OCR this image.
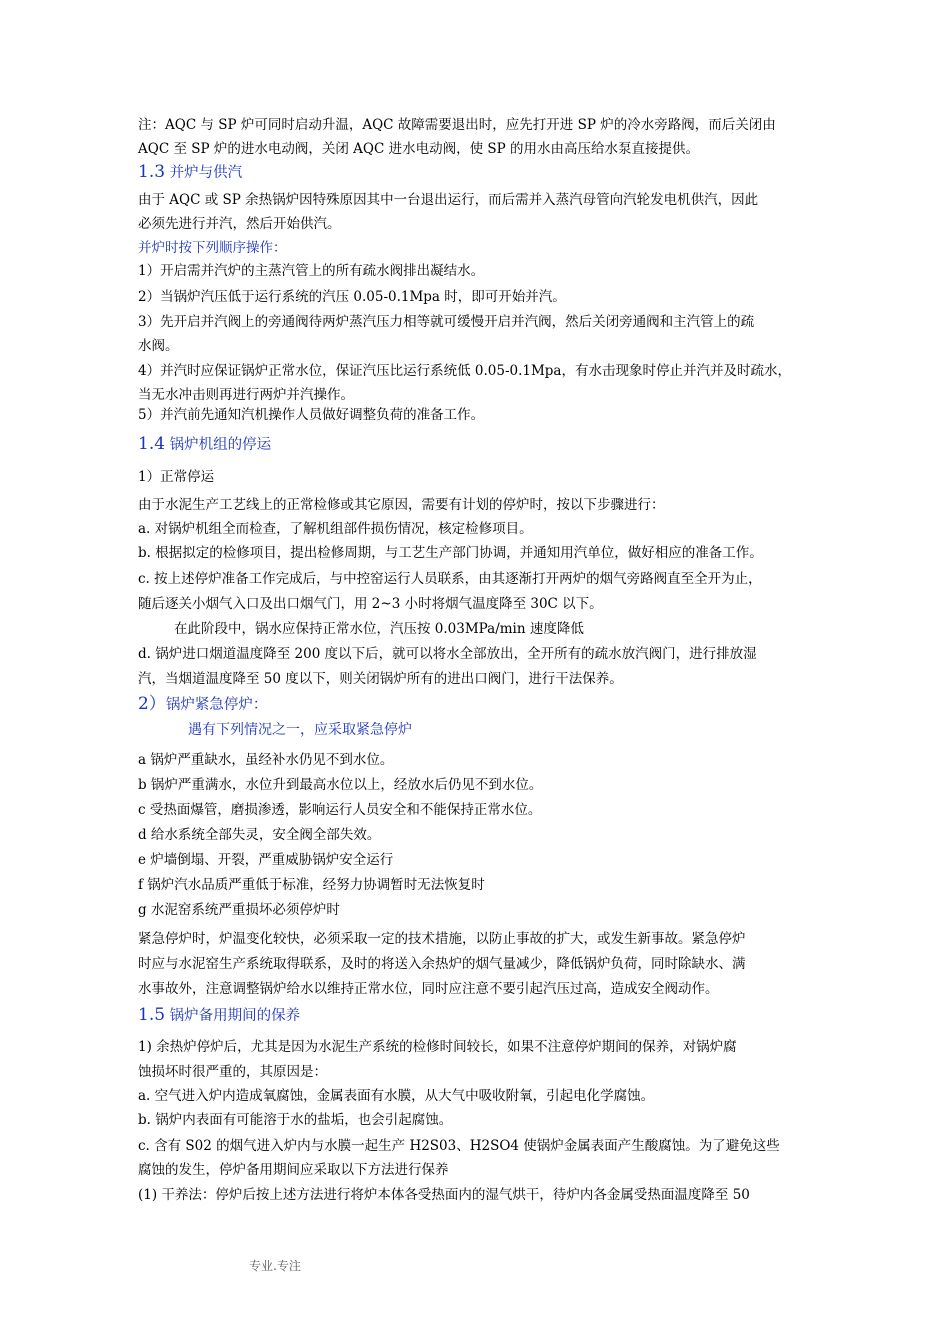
注：AQC 与 SP 炉可同时启动升温，AQC 故障需要退出时，应先打开进 SP 炉的冷水旁路阀，而后关闭由
AQC 至 SP 炉的进水电动阀，关闭 AQC 进水电动阀，使 SP 的用水由高压给水泵直接提供。
1.3 并炉与供汽
由于 AQC 或 SP 余热锅炉因特殊原因其中一台退出运行，而后需并入蒸汽母管向汽轮发电机供汽，因此
必须先进行并汽，然后开始供汽。
并炉时按下列顺序操作：
1）开启需并汽炉的主蒸汽管上的所有疏水阀排出凝结水。
2）当锅炉汽压低于运行系统的汽压 0.05-0.1Mpa 时，即可开始并汽。
3）先开启并汽阀上的旁通阀待两炉蒸汽压力相等就可缓慢开启并汽阀，然后关闭旁通阀和主汽管上的疏
水阀。
4）并汽时应保证锅炉正常水位，保证汽压比运行系统低 0.05-0.1Mpa，有水击现象时停止并汽并及时疏水，
当无水冲击则再进行两炉并汽操作。
5）并汽前先通知汽机操作人员做好调整负荷的准备工作。
1.4 锅炉机组的停运
1）正常停运
由于水泥生产工艺线上的正常检修或其它原因，需要有计划的停炉时，按以下步骤进行：
a. 对锅炉机组全而检查，了解机组部件损伤情况，核定检修项目。
b. 根据拟定的检修项目，提出检修周期，与工艺生产部门协调，并通知用汽单位，做好相应的准备工作。
c. 按上述停炉准备工作完成后，与中控窑运行人员联系，由其逐渐打开两炉的烟气旁路阀直至全开为止，
随后逐关小烟气入口及出口烟气门，用 2~3 小时将烟气温度降至 30C 以下。
在此阶段中，锅水应保持正常水位，汽压按 0.03MPa/min 速度降低
d. 锅炉进口烟道温度降至 200 度以下后，就可以将水全部放出，全开所有的疏水放汽阀门，进行排放湿
汽，当烟道温度降至 50 度以下，则关闭锅炉所有的进出口阀门，进行干法保养。
2）锅炉紧急停炉：
遇有下列情况之一，应采取紧急停炉
a 锅炉严重缺水，虽经补水仍见不到水位。
b 锅炉严重满水，水位升到最高水位以上，经放水后仍见不到水位。
c 受热面爆管，磨损渗透，影响运行人员安全和不能保持正常水位。
d 给水系统全部失灵，安全阀全部失效。
e 炉墙倒塌、开裂，严重威胁锅炉安全运行
f 锅炉汽水品质严重低于标准，经努力协调暂时无法恢复时
g 水泥窑系统严重损坏必须停炉时
紧急停炉时，炉温变化较快，必须采取一定的技术措施，以防止事故的扩大，或发生新事故。紧急停炉
时应与水泥窑生产系统取得联系，及时的将送入余热炉的烟气量减少，降低锅炉负荷，同时除缺水、满
水事故外，注意调整锅炉给水以维持正常水位，同时应注意不要引起汽压过高，造成安全阀动作。
1.5 锅炉备用期间的保养
1) 余热炉停炉后，尤其是因为水泥生产系统的检修时间较长，如果不注意停炉期间的保养，对锅炉腐
蚀损坏时很严重的，其原因是：
a. 空气进入炉内造成氧腐蚀，金属表面有水膜，从大气中吸收附氧，引起电化学腐蚀。
b. 锅炉内表面有可能溶于水的盐垢，也会引起腐蚀。
c. 含有 S02 的烟气进入炉内与水膜一起生产 H2S03、H2SO4 使锅炉金属表面产生酸腐蚀。为了避免这些
腐蚀的发生，停炉备用期间应采取以下方法进行保养
(1) 干养法：停炉后按上述方法进行将炉本体各受热面内的湿气烘干，待炉内各金属受热面温度降至 50
专业.专注
